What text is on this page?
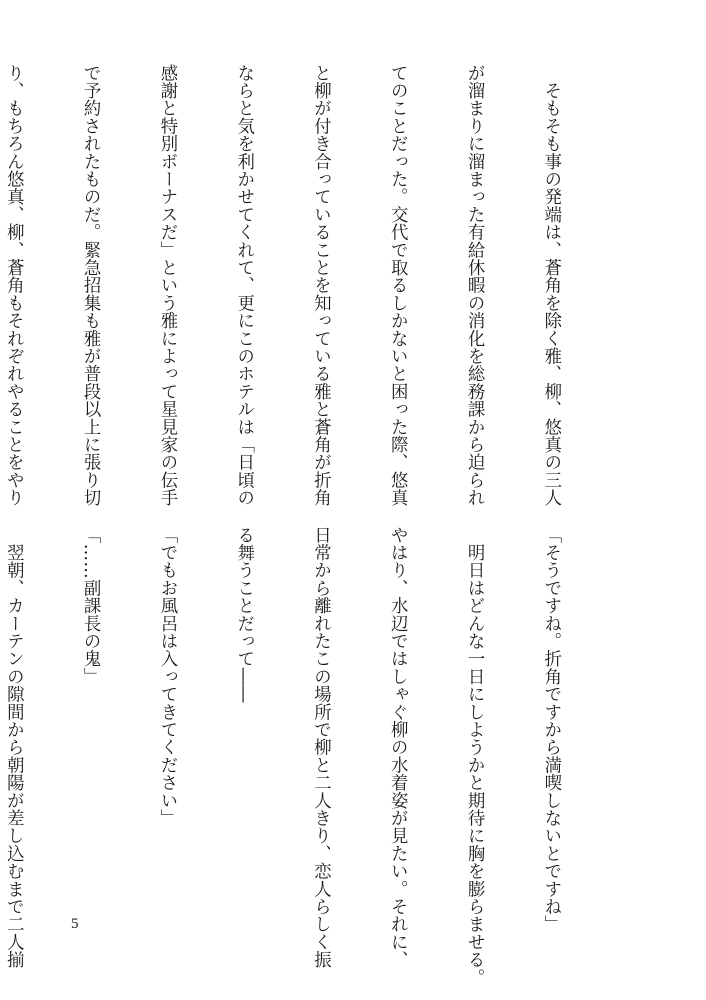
　そもそも事の発端は、蒼角を除く雅、柳、悠真の三人

が溜まりに溜まった有給休暇の消化を総務課から迫られ

てのことだった。交代で取るしかないと困った際、悠真

と柳が付き合っていることを知っている雅と蒼角が折角

ならと気を利かせてくれて、更にこのホテルは「日頃の

感謝と特別ボーナスだ」という雅によって星見家の伝手

で予約されたものだ。緊急招集も雅が普段以上に張り切

り、もちろん悠真、柳、蒼角もそれぞれやることをやり

「そうですね。折角ですから満喫しないとですね」

　明日はどんな一日にしようかと期待に胸を膨らませる。

やはり、水辺ではしゃぐ柳の水着姿が見たい。それに、

日常から離れたこの場所で柳と二人きり、恋人らしく振

る舞うことだって――

「でもお風呂は入ってきてください」

「……副課長の鬼」

　翌朝、カーテンの隙間から朝陽が差し込むまで二人揃

	5
